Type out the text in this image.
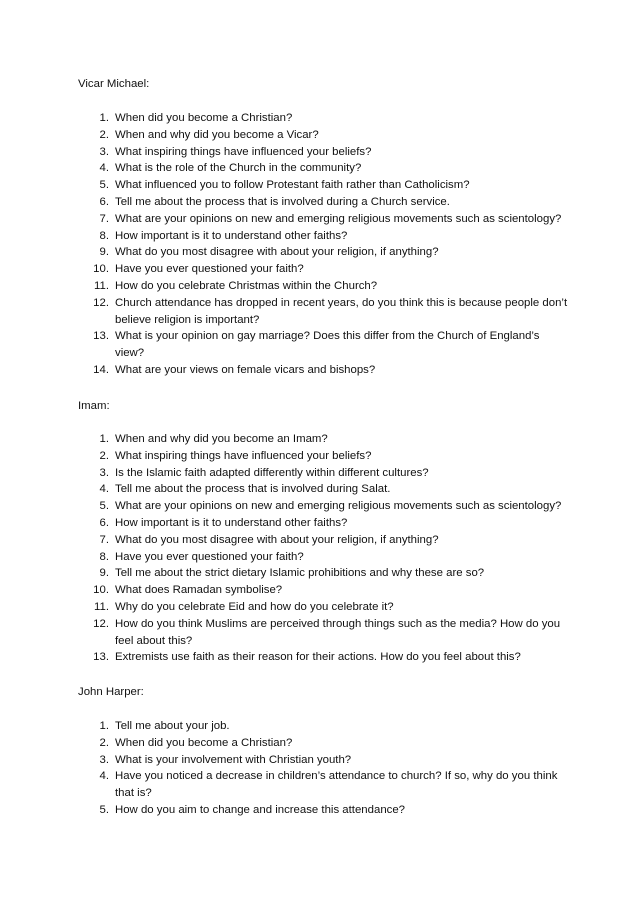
Vicar Michael:

1. When did you become a Christian?
2. When and why did you become a Vicar?
3. What inspiring things have influenced your beliefs?
4. What is the role of the Church in the community?
5. What influenced you to follow Protestant faith rather than Catholicism?
6. Tell me about the process that is involved during a Church service.
7. What are your opinions on new and emerging religious movements such as scientology?
8. How important is it to understand other faiths?
9. What do you most disagree with about your religion, if anything?
10. Have you ever questioned your faith?
11. How do you celebrate Christmas within the Church?
12. Church attendance has dropped in recent years, do you think this is because people don’t believe religion is important?
13. What is your opinion on gay marriage? Does this differ from the Church of England’s view?
14. What are your views on female vicars and bishops?

Imam:

1. When and why did you become an Imam?
2. What inspiring things have influenced your beliefs?
3. Is the Islamic faith adapted differently within different cultures?
4. Tell me about the process that is involved during Salat.
5. What are your opinions on new and emerging religious movements such as scientology?
6. How important is it to understand other faiths?
7. What do you most disagree with about your religion, if anything?
8. Have you ever questioned your faith?
9. Tell me about the strict dietary Islamic prohibitions and why these are so?
10. What does Ramadan symbolise?
11. Why do you celebrate Eid and how do you celebrate it?
12. How do you think Muslims are perceived through things such as the media? How do you feel about this?
13. Extremists use faith as their reason for their actions. How do you feel about this?

John Harper:

1. Tell me about your job.
2. When did you become a Christian?
3. What is your involvement with Christian youth?
4. Have you noticed a decrease in children’s attendance to church? If so, why do you think that is?
5. How do you aim to change and increase this attendance?
